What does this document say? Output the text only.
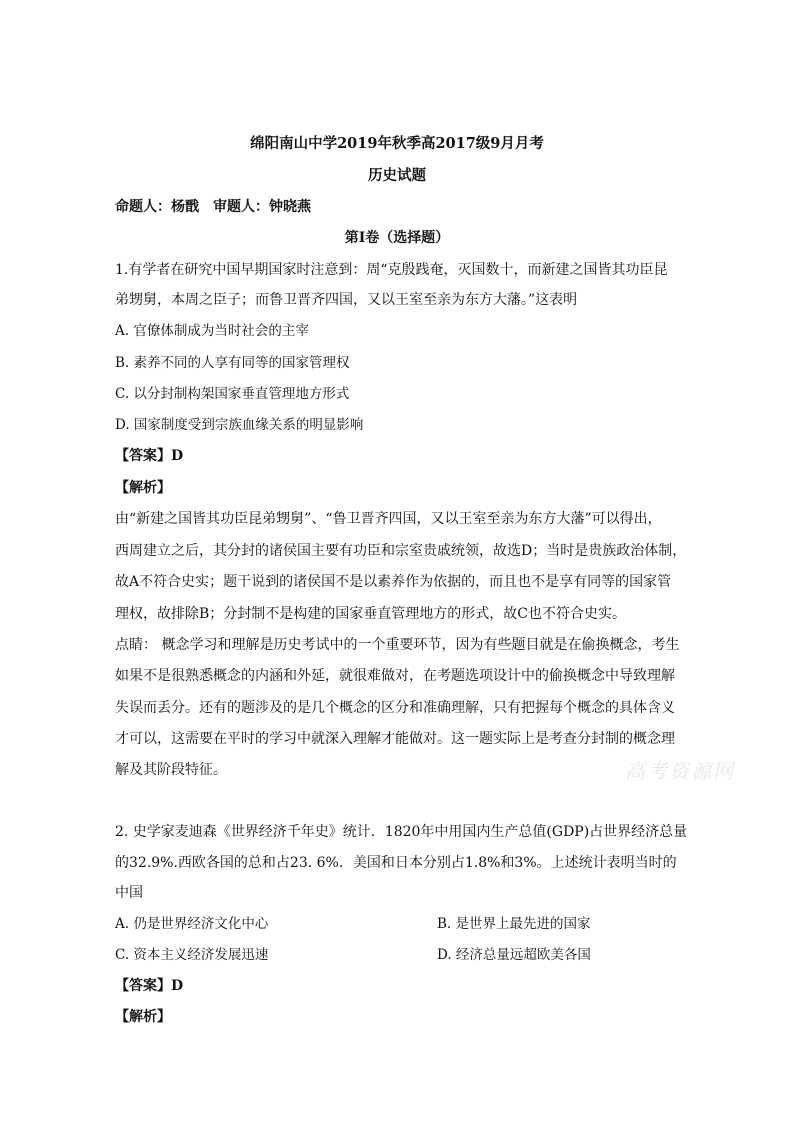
绵阳南山中学2019年秋季高2017级9月月考
历史试题
命题人：杨戬　审题人：钟晓燕
第Ⅰ卷（选择题）
1.有学者在研究中国早期国家时注意到：周“克殷践奄，灭国数十，而新建之国皆其功臣昆
弟甥舅，本周之臣子；而鲁卫晋齐四国，又以王室至亲为东方大藩。”这表明
A. 官僚体制成为当时社会的主宰
B. 素养不同的人享有同等的国家管理权
C. 以分封制构架国家垂直管理地方形式
D. 国家制度受到宗族血缘关系的明显影响
【答案】D
【解析】
由“新建之国皆其功臣昆弟甥舅”、“鲁卫晋齐四国，又以王室至亲为东方大藩”可以得出，
西周建立之后，其分封的诸侯国主要有功臣和宗室贵戚统领，故选D；当时是贵族政治体制，
故A不符合史实；题干说到的诸侯国不是以素养作为依据的，而且也不是享有同等的国家管
理权，故排除B；分封制不是构建的国家垂直管理地方的形式，故C也不符合史实。
点睛： 概念学习和理解是历史考试中的一个重要环节，因为有些题目就是在偷换概念，考生
如果不是很熟悉概念的内涵和外延，就很难做对，在考题选项设计中的偷换概念中导致理解
失误而丢分。还有的题涉及的是几个概念的区分和准确理解，只有把握每个概念的具体含义
才可以，这需要在平时的学习中就深入理解才能做对。这一题实际上是考查分封制的概念理
解及其阶段特征。	高考资源网
2. 史学家麦迪森《世界经济千年史》统计．1820年中用国内生产总值(GDP)占世界经济总量
的32.9%.西欧各国的总和占23. 6%．美国和日本分别占1.8%和3%。上述统计表明当时的
中国
A. 仍是世界经济文化中心	B. 是世界上最先进的国家
C. 资本主义经济发展迅速	D. 经济总量远超欧美各国
【答案】D
【解析】
